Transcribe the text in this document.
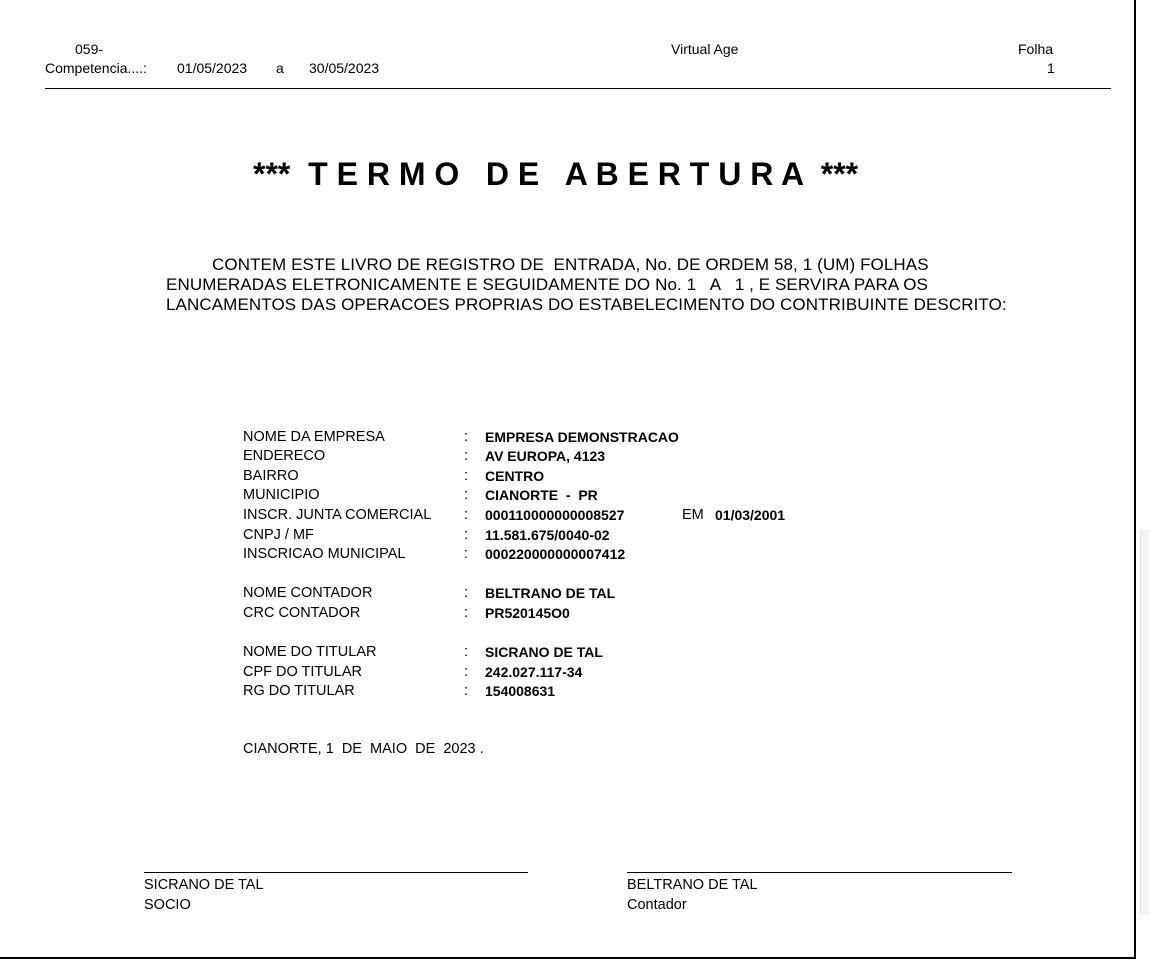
059-	Virtual Age	Folha
Competencia....: 01/05/2023 a 30/05/2023	1
***  T E R M O   D E   A B E R T U R A  ***
CONTEM ESTE LIVRO DE REGISTRO DE  ENTRADA, No. DE ORDEM 58, 1 (UM) FOLHAS
ENUMERADAS ELETRONICAMENTE E SEGUIDAMENTE DO No. 1   A   1 , E SERVIRA PARA OS
LANCAMENTOS DAS OPERACOES PROPRIAS DO ESTABELECIMENTO DO CONTRIBUINTE DESCRITO:
NOME DA EMPRESA	: EMPRESA DEMONSTRACAO
ENDERECO	: AV EUROPA, 4123
BAIRRO	: CENTRO
MUNICIPIO	: CIANORTE  -  PR
INSCR. JUNTA COMERCIAL : 000110000000008527	EM 01/03/2001
CNPJ / MF	: 11.581.675/0040-02
INSCRICAO MUNICIPAL	: 000220000000007412
NOME CONTADOR	: BELTRANO DE TAL
CRC CONTADOR	: PR520145O0
NOME DO TITULAR	: SICRANO DE TAL
CPF DO TITULAR	: 242.027.117-34
RG DO TITULAR	: 154008631
CIANORTE, 1  DE  MAIO  DE  2023 .
SICRANO DE TAL
SOCIO
BELTRANO DE TAL
Contador
